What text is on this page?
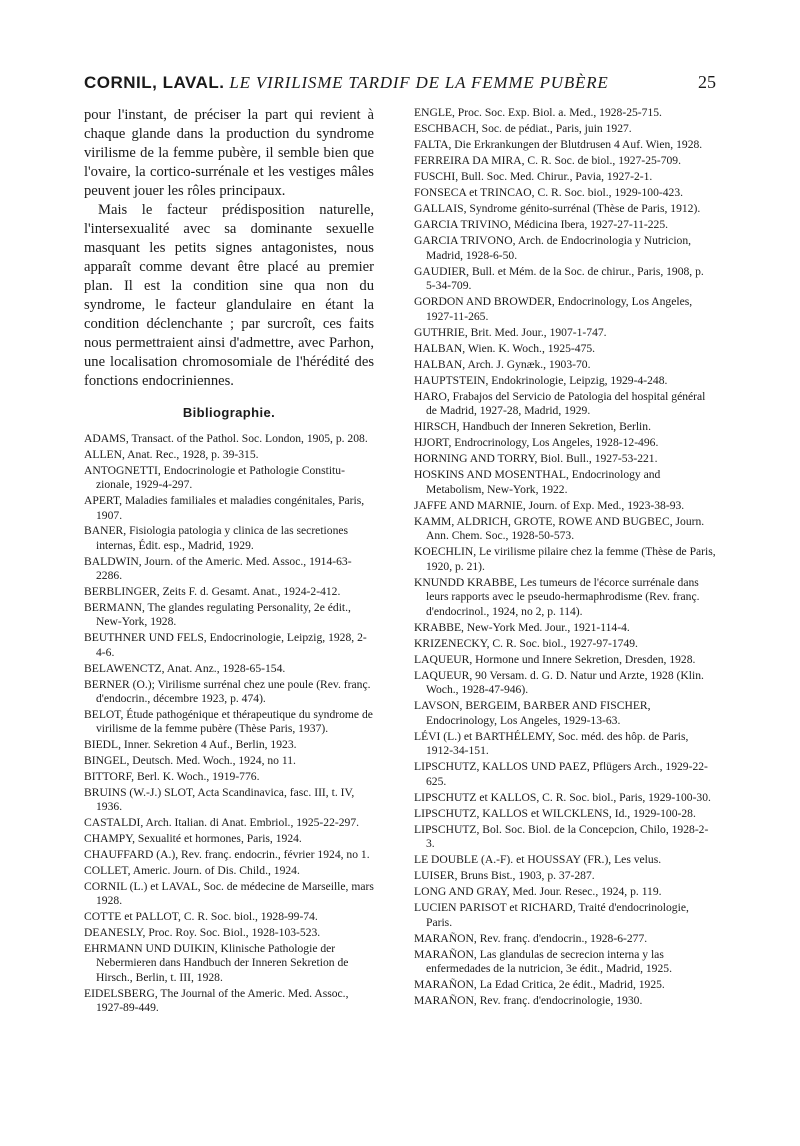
CORNIL, LAVAL. LE VIRILISME TARDIF DE LA FEMME PUBÈRE	25

pour l'instant, de préciser la part qui revient à chaque glande dans la production du syndrome virilisme de la femme pubère, il semble bien que l'ovaire, la cortico-surrénale et les vestiges mâles peuvent jouer les rôles principaux.

Mais le facteur prédisposition naturelle, l'intersexualité avec sa dominante sexuelle masquant les petits signes antagonistes, nous apparaît comme devant être placé au premier plan. Il est la condition sine qua non du syndrome, le facteur glandulaire en étant la condition déclenchante ; par surcroît, ces faits nous permettraient ainsi d'admettre, avec Parhon, une localisation chromosomiale de l'hérédité des fonctions endocriniennes.

Bibliographie.
ADAMS, Transact. of the Pathol. Soc. London, 1905, p. 208.
ALLEN, Anat. Rec., 1928, p. 39-315.
ANTOGNETTI, Endocrinologie et Pathologie Constitu-zionale, 1929-4-297.
APERT, Maladies familiales et maladies congénitales, Paris, 1907.
BANER, Fisiologia patologia y clinica de las secretiones internas, Édit. esp., Madrid, 1929.
BALDWIN, Journ. of the Americ. Med. Assoc., 1914-63-2286.
BERBLINGER, Zeits F. d. Gesamt. Anat., 1924-2-412.
BERMANN, The glandes regulating Personality, 2e édit., New-York, 1928.
BEUTHNER UND FELS, Endocrinologie, Leipzig, 1928, 2-4-6.
BELAWENCTZ, Anat. Anz., 1928-65-154.
BERNER (O.); Virilisme surrénal chez une poule (Rev. franç. d'endocrin., décembre 1923, p. 474).
BELOT, Étude pathogénique et thérapeutique du syndrome de virilisme de la femme pubère (Thèse Paris, 1937).
BIEDL, Inner. Sekretion 4 Auf., Berlin, 1923.
BINGEL, Deutsch. Med. Woch., 1924, no 11.
BITTORF, Berl. K. Woch., 1919-776.
BRUINS (W.-J.) SLOT, Acta Scandinavica, fasc. III, t. IV, 1936.
CASTALDI, Arch. Italian. di Anat. Embriol., 1925-22-297.
CHAMPY, Sexualité et hormones, Paris, 1924.
CHAUFFARD (A.), Rev. franç. endocrin., février 1924, no 1.
COLLET, Americ. Journ. of Dis. Child., 1924.
CORNIL (L.) et LAVAL, Soc. de médecine de Marseille, mars 1928.
COTTE et PALLOT, C. R. Soc. biol., 1928-99-74.
DEANESLY, Proc. Roy. Soc. Biol., 1928-103-523.
EHRMANN UND DUIKIN, Klinische Pathologie der Nebermieren dans Handbuch der Inneren Sekretion de Hirsch., Berlin, t. III, 1928.
EIDELSBERG, The Journal of the Americ. Med. Assoc., 1927-89-449.
ENGLE, Proc. Soc. Exp. Biol. a. Med., 1928-25-715.
ESCHBACH, Soc. de pédiat., Paris, juin 1927.
FALTA, Die Erkrankungen der Blutdrusen 4 Auf. Wien, 1928.
FERREIRA DA MIRA, C. R. Soc. de biol., 1927-25-709.
FUSCHI, Bull. Soc. Med. Chirur., Pavia, 1927-2-1.
FONSECA et TRINCAO, C. R. Soc. biol., 1929-100-423.
GALLAIS, Syndrome génito-surrénal (Thèse de Paris, 1912).
GARCIA TRIVINO, Médicina Ibera, 1927-27-11-225.
GARCIA TRIVONO, Arch. de Endocrinologia y Nutricion, Madrid, 1928-6-50.
GAUDIER, Bull. et Mém. de la Soc. de chirur., Paris, 1908, p. 5-34-709.
GORDON AND BROWDER, Endocrinology, Los Angeles, 1927-11-265.
GUTHRIE, Brit. Med. Jour., 1907-1-747.
HALBAN, Wien. K. Woch., 1925-475.
HALBAN, Arch. J. Gynæk., 1903-70.
HAUPTSTEIN, Endokrinologie, Leipzig, 1929-4-248.
HARO, Frabajos del Servicio de Patologia del hospital général de Madrid, 1927-28, Madrid, 1929.
HIRSCH, Handbuch der Inneren Sekretion, Berlin.
HJORT, Endrocrinology, Los Angeles, 1928-12-496.
HORNING AND TORRY, Biol. Bull., 1927-53-221.
HOSKINS AND MOSENTHAL, Endocrinology and Metabolism, New-York, 1922.
JAFFE AND MARNIE, Journ. of Exp. Med., 1923-38-93.
KAMM, ALDRICH, GROTE, ROWE AND BUGBEC, Journ. Ann. Chem. Soc., 1928-50-573.
KOECHLIN, Le virilisme pilaire chez la femme (Thèse de Paris, 1920, p. 21).
KNUNDD KRABBE, Les tumeurs de l'écorce surrénale dans leurs rapports avec le pseudo-hermaphrodisme (Rev. franç. d'endocrinol., 1924, no 2, p. 114).
KRABBE, New-York Med. Jour., 1921-114-4.
KRIZENECKY, C. R. Soc. biol., 1927-97-1749.
LAQUEUR, Hormone und Innere Sekretion, Dresden, 1928.
LAQUEUR, 90 Versam. d. G. D. Natur und Arzte, 1928 (Klin. Woch., 1928-47-946).
LAVSON, BERGEIM, BARBER AND FISCHER, Endocrinology, Los Angeles, 1929-13-63.
LÉVI (L.) et BARTHÉLEMY, Soc. méd. des hôp. de Paris, 1912-34-151.
LIPSCHUTZ, KALLOS UND PAEZ, Pflügers Arch., 1929-22-625.
LIPSCHUTZ et KALLOS, C. R. Soc. biol., Paris, 1929-100-30.
LIPSCHUTZ, KALLOS et WILCKLENS, Id., 1929-100-28.
LIPSCHUTZ, Bol. Soc. Biol. de la Concepcion, Chilo, 1928-2-3.
LE DOUBLE (A.-F). et HOUSSAY (FR.), Les velus.
LUISER, Bruns Bist., 1903, p. 37-287.
LONG AND GRAY, Med. Jour. Resec., 1924, p. 119.
LUCIEN PARISOT et RICHARD, Traité d'endocrinologie, Paris.
MARAÑON, Rev. franç. d'endocrin., 1928-6-277.
MARAÑON, Las glandulas de secrecion interna y las enfermedades de la nutricion, 3e édit., Madrid, 1925.
MARAÑON, La Edad Critica, 2e édit., Madrid, 1925.
MARAÑON, Rev. franç. d'endocrinologie, 1930.
